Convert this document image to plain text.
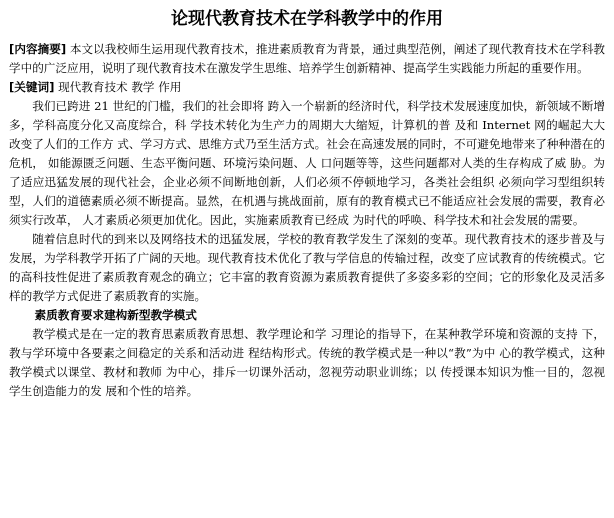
论现代教育技术在学科教学中的作用

[内容摘要] 本文以我校师生运用现代教育技术，推进素质教育为背景，通过典型范例，阐述了现代教育技术在学科教学中的广泛应用，说明了现代教育技术在激发学生思维、培养学生创新精神、提高学生实践能力所起的重要作用。

[关键词] 现代教育技术 教学 作用

我们已跨进 21 世纪的门槛，我们的社会即将 跨入一个崭新的经济时代，科学技术发展速度加快，新领域不断增多，学科高度分化又高度综合，科 学技术转化为生产力的周期大大缩短，计算机的普 及和 Internet 网的崛起大大改变了人们的工作方 式、学习方式、思维方式乃至生活方式。社会在高速发展的同时，不可避免地带来了种种潜在的危机， 如能源匮乏问题、生态平衡问题、环境污染问题、人 口问题等等，这些问题都对人类的生存构成了威 胁。为了适应迅猛发展的现代社会，企业必须不间断地创新，人们必须不停顿地学习，各类社会组织 必须向学习型组织转型，人们的道德素质必须不断提高。显然，在机遇与挑战面前，原有的教育模式已不能适应社会发展的需要，教育必须实行改革， 人才素质必须更加优化。因此，实施素质教育已经成 为时代的呼唤、科学技术和社会发展的需要。

随着信息时代的到来以及网络技术的迅猛发展，学校的教育教学发生了深刻的变革。现代教育技术的逐步普及与发展，为学科教学开拓了广阔的天地。现代教育技术优化了教与学信息的传输过程，改变了应试教育的传统模式。它的高科技性促进了素质教育观念的确立；它丰富的教育资源为素质教育提供了多姿多彩的空间；它的形象化及灵活多样的教学方式促进了素质教育的实施。

素质教育要求建构新型教学模式

教学模式是在一定的教育思素质教育思想、教学理论和学 习理论的指导下，在某种教学环境和资源的支持 下，教与学环境中各要素之间稳定的关系和活动进 程结构形式。传统的教学模式是一种以“教”为中 心的教学模式，这种教学模式以课堂、教材和教师 为中心，排斥一切课外活动，忽视劳动职业训练；以 传授课本知识为惟一目的，忽视学生创造能力的发 展和个性的培养。
